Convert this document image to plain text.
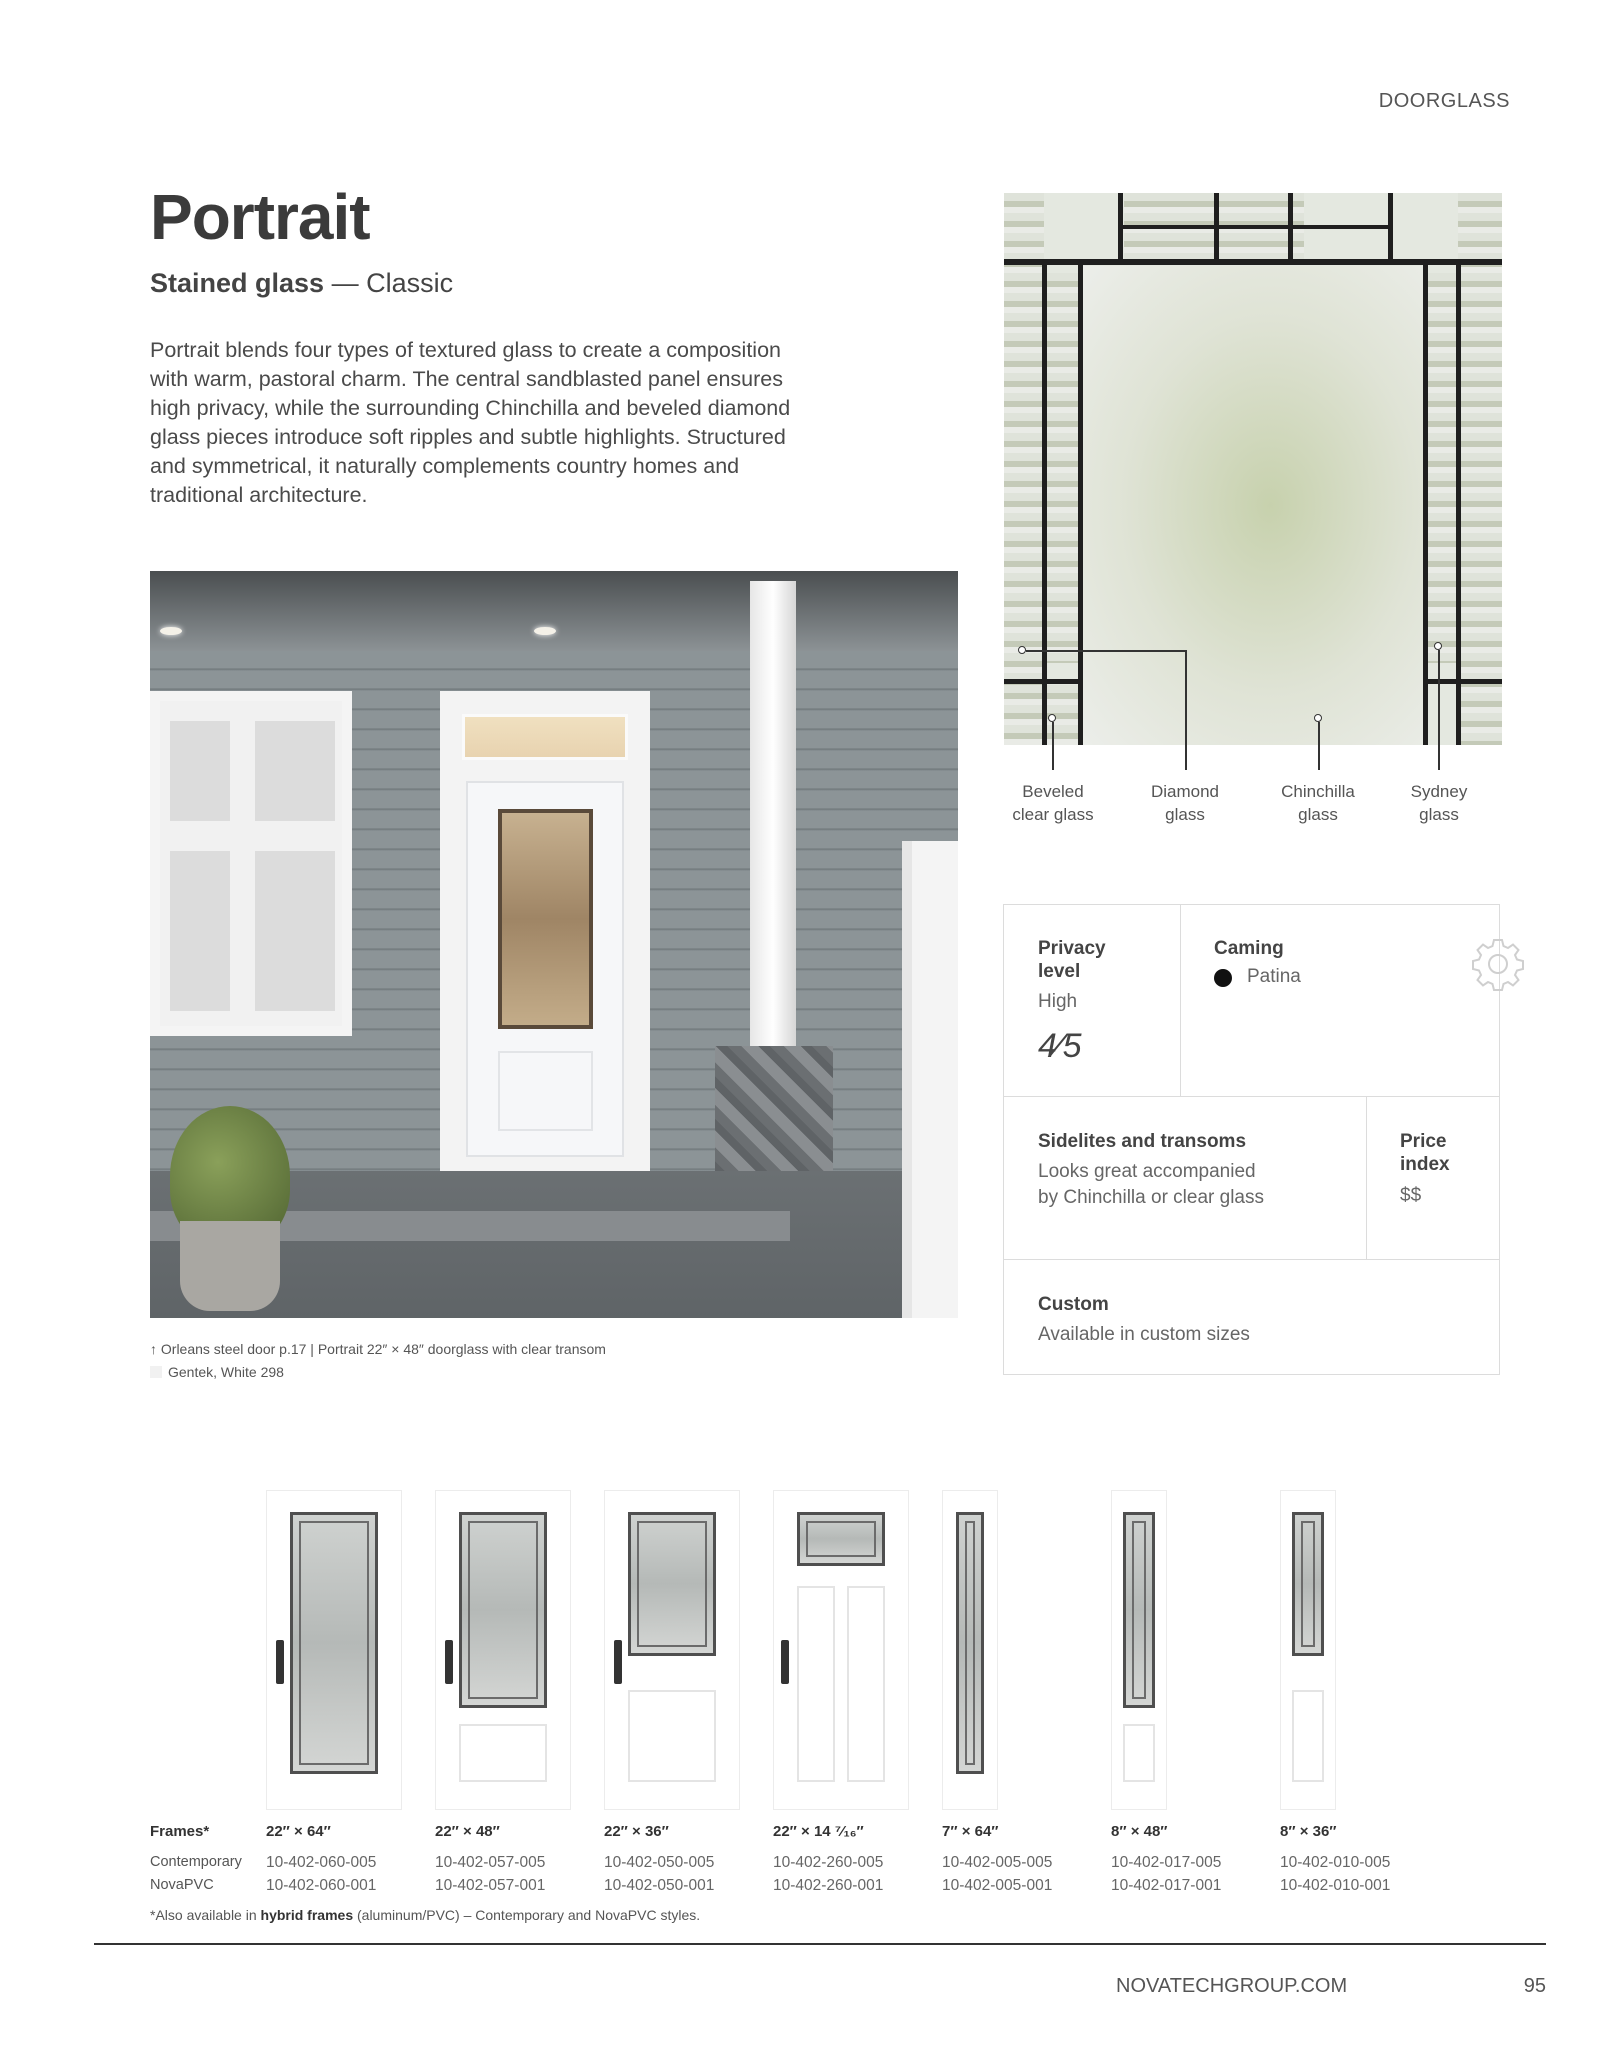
DOORGLASS
Portrait
Stained glass — Classic

Portrait blends four types of textured glass to create a composition with warm, pastoral charm. The central sandblasted panel ensures high privacy, while the surrounding Chinchilla and beveled diamond glass pieces introduce soft ripples and subtle highlights. Structured and symmetrical, it naturally complements country homes and traditional architecture.

↑ Orleans steel door p.17 | Portrait 22″ × 48″ doorglass with clear transom
Gentek, White 298
Beveled
clear glass
Diamond
glass
Chinchilla
glass
Sydney
glass
Privacy
level
High
4⁄5
Caming
Patina
Sidelites and transoms
Looks great accompanied
by Chinchilla or clear glass
Price
index
$$
Custom
Available in custom sizes
Frames*
Contemporary
NovaPVC
22″ × 64″
10-402-060-005
10-402-060-001
22″ × 48″
10-402-057-005
10-402-057-001
22″ × 36″
10-402-050-005
10-402-050-001
22″ × 14 ⁷⁄₁₆″
10-402-260-005
10-402-260-001
7″ × 64″
10-402-005-005
10-402-005-001
8″ × 48″
10-402-017-005
10-402-017-001
8″ × 36″
10-402-010-005
10-402-010-001
*Also available in hybrid frames (aluminum/PVC) – Contemporary and NovaPVC styles.
NOVATECHGROUP.COM	95
